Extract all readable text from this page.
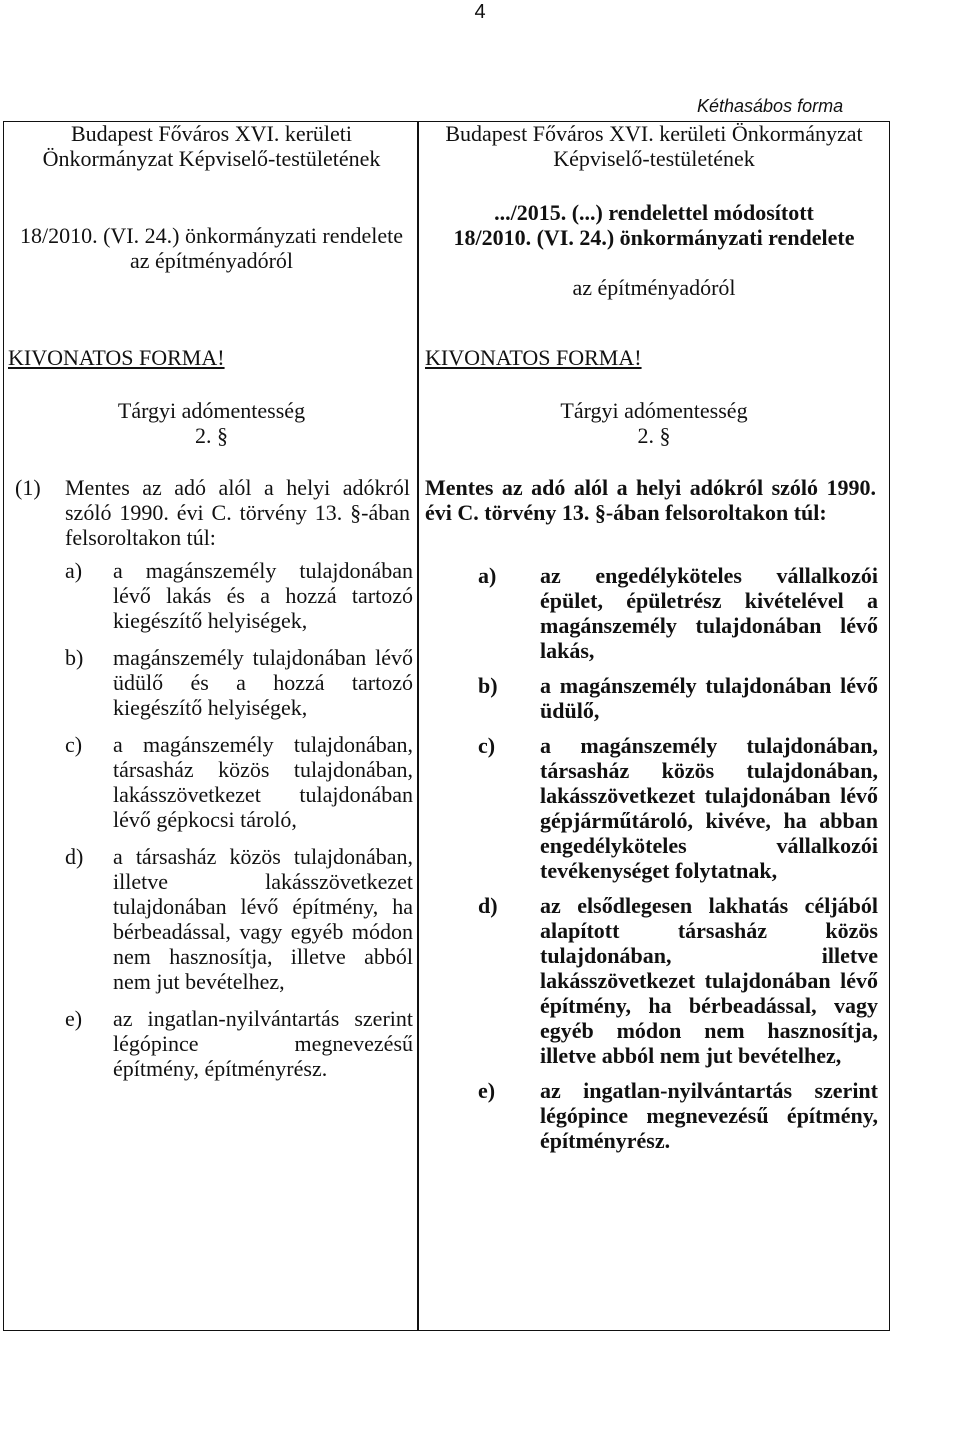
4
Kéthasábos forma
Budapest Főváros XVI. kerületi
Önkormányzat Képviselő-testületének
18/2010. (VI. 24.) önkormányzati rendelete
az építményadóról
KIVONATOS FORMA!
Tárgyi adómentesség
2. §
(1) Mentes az adó alól a helyi adókról
szóló 1990. évi C. törvény 13. §-ában
felsoroltakon túl:
a) a magánszemély tulajdonában
lévő lakás és a hozzá tartozó
kiegészítő helyiségek,
b) magánszemély tulajdonában lévő
üdülő és a hozzá tartozó
kiegészítő helyiségek,
c) a magánszemély tulajdonában,
társasház közös tulajdonában,
lakásszövetkezet tulajdonában
lévő gépkocsi tároló,
d) a társasház közös tulajdonában,
illetve lakásszövetkezet
tulajdonában lévő építmény, ha
bérbeadással, vagy egyéb módon
nem hasznosítja, illetve abból
nem jut bevételhez,
e) az ingatlan-nyilvántartás szerint
légópince megnevezésű
építmény, építményrész.
Budapest Főváros XVI. kerületi Önkormányzat
Képviselő-testületének
.../2015. (...) rendelettel módosított
18/2010. (VI. 24.) önkormányzati rendelete
az építményadóról
KIVONATOS FORMA!
Tárgyi adómentesség
2. §
Mentes az adó alól a helyi adókról szóló 1990.
évi C. törvény 13. §-ában felsoroltakon túl:
a) az engedélyköteles vállalkozói
épület, épületrész kivételével a
magánszemély tulajdonában lévő
lakás,
b) a magánszemély tulajdonában lévő
üdülő,
c) a magánszemély tulajdonában,
társasház közös tulajdonában,
lakásszövetkezet tulajdonában lévő
gépjárműtároló, kivéve, ha abban
engedélyköteles vállalkozói
tevékenységet folytatnak,
d) az elsődlegesen lakhatás céljából
alapított társasház közös
tulajdonában, illetve
lakásszövetkezet tulajdonában lévő
építmény, ha bérbeadással, vagy
egyéb módon nem hasznosítja,
illetve abból nem jut bevételhez,
e) az ingatlan-nyilvántartás szerint
légópince megnevezésű építmény,
építményrész.
